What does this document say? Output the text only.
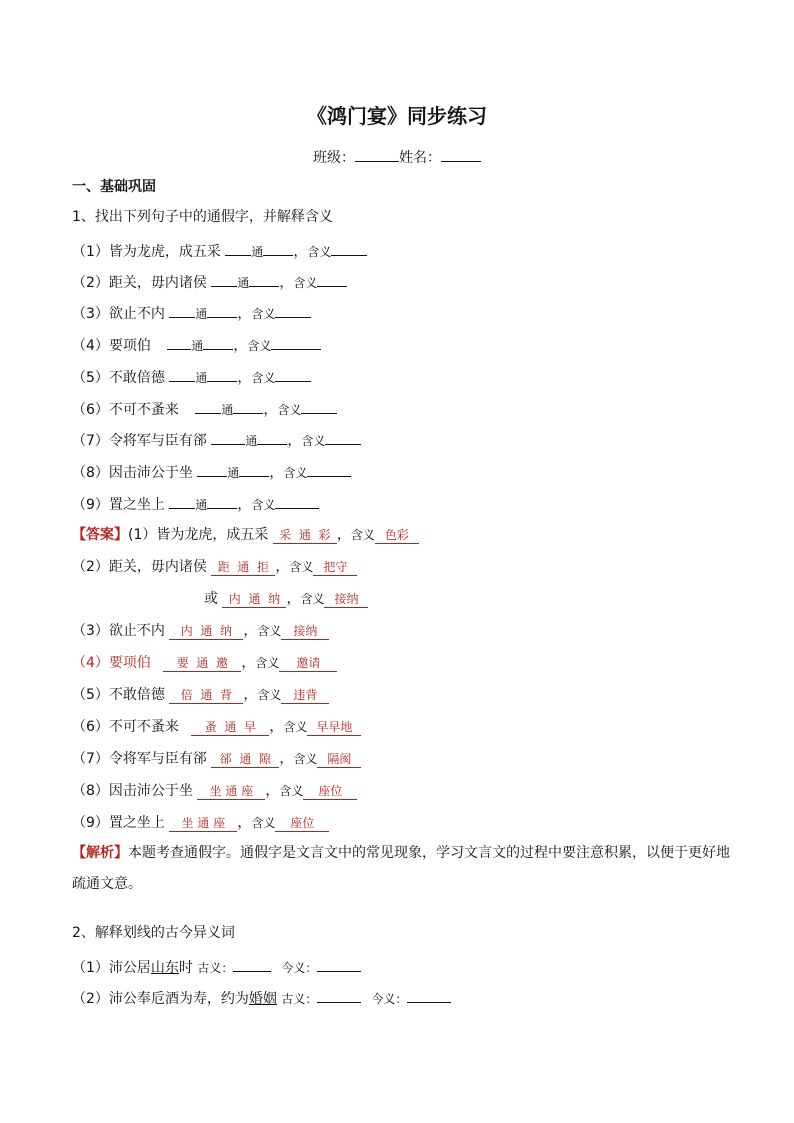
《鸿门宴》同步练习
班级：	姓名：
一、基础巩固
1、找出下列句子中的通假字，并解释含义
（1）皆为龙虎，成五采 通 ，含义
（2）距关，毋内诸侯 通 ，含义
（3）欲止不内 通 ，含义
（4）要项伯	通 ，含义
（5）不敢倍德 通 ，含义
（6）不可不蚤来	通 ，含义
（7）令将军与臣有郤	通 ，含义
（8）因击沛公于坐	通 ，含义
（9）置之坐上 通 ，含义
【答案】(1）皆为龙虎，成五采 采 通 彩 ，含义 色彩
（2）距关，毋内诸侯 距 通 拒 ，含义 把守
或 内 通 纳 ，含义 接纳
（3）欲止不内 内 通 纳 ，含义 接纳
（4）要项伯 要 通 邀 ，含义 邀请
（5）不敢倍德 倍 通 背 ，含义 违背
（6）不可不蚤来 蚤 通 早 ，含义 早早地
（7）令将军与臣有郤 郤 通 隙 ，含义 隔阂
（8）因击沛公于坐 坐 通 座 ，含义 座位
（9）置之坐上 坐 通 座 ，含义 座位
【解析】本题考查通假字。通假字是文言文中的常见现象，学习文言文的过程中要注意积累，以便于更好地疏通文意。
2、解释划线的古今异义词
（1）沛公居山东时 古义：	今义：
（2）沛公奉卮酒为寿，约为婚姻 古义：	今义：
